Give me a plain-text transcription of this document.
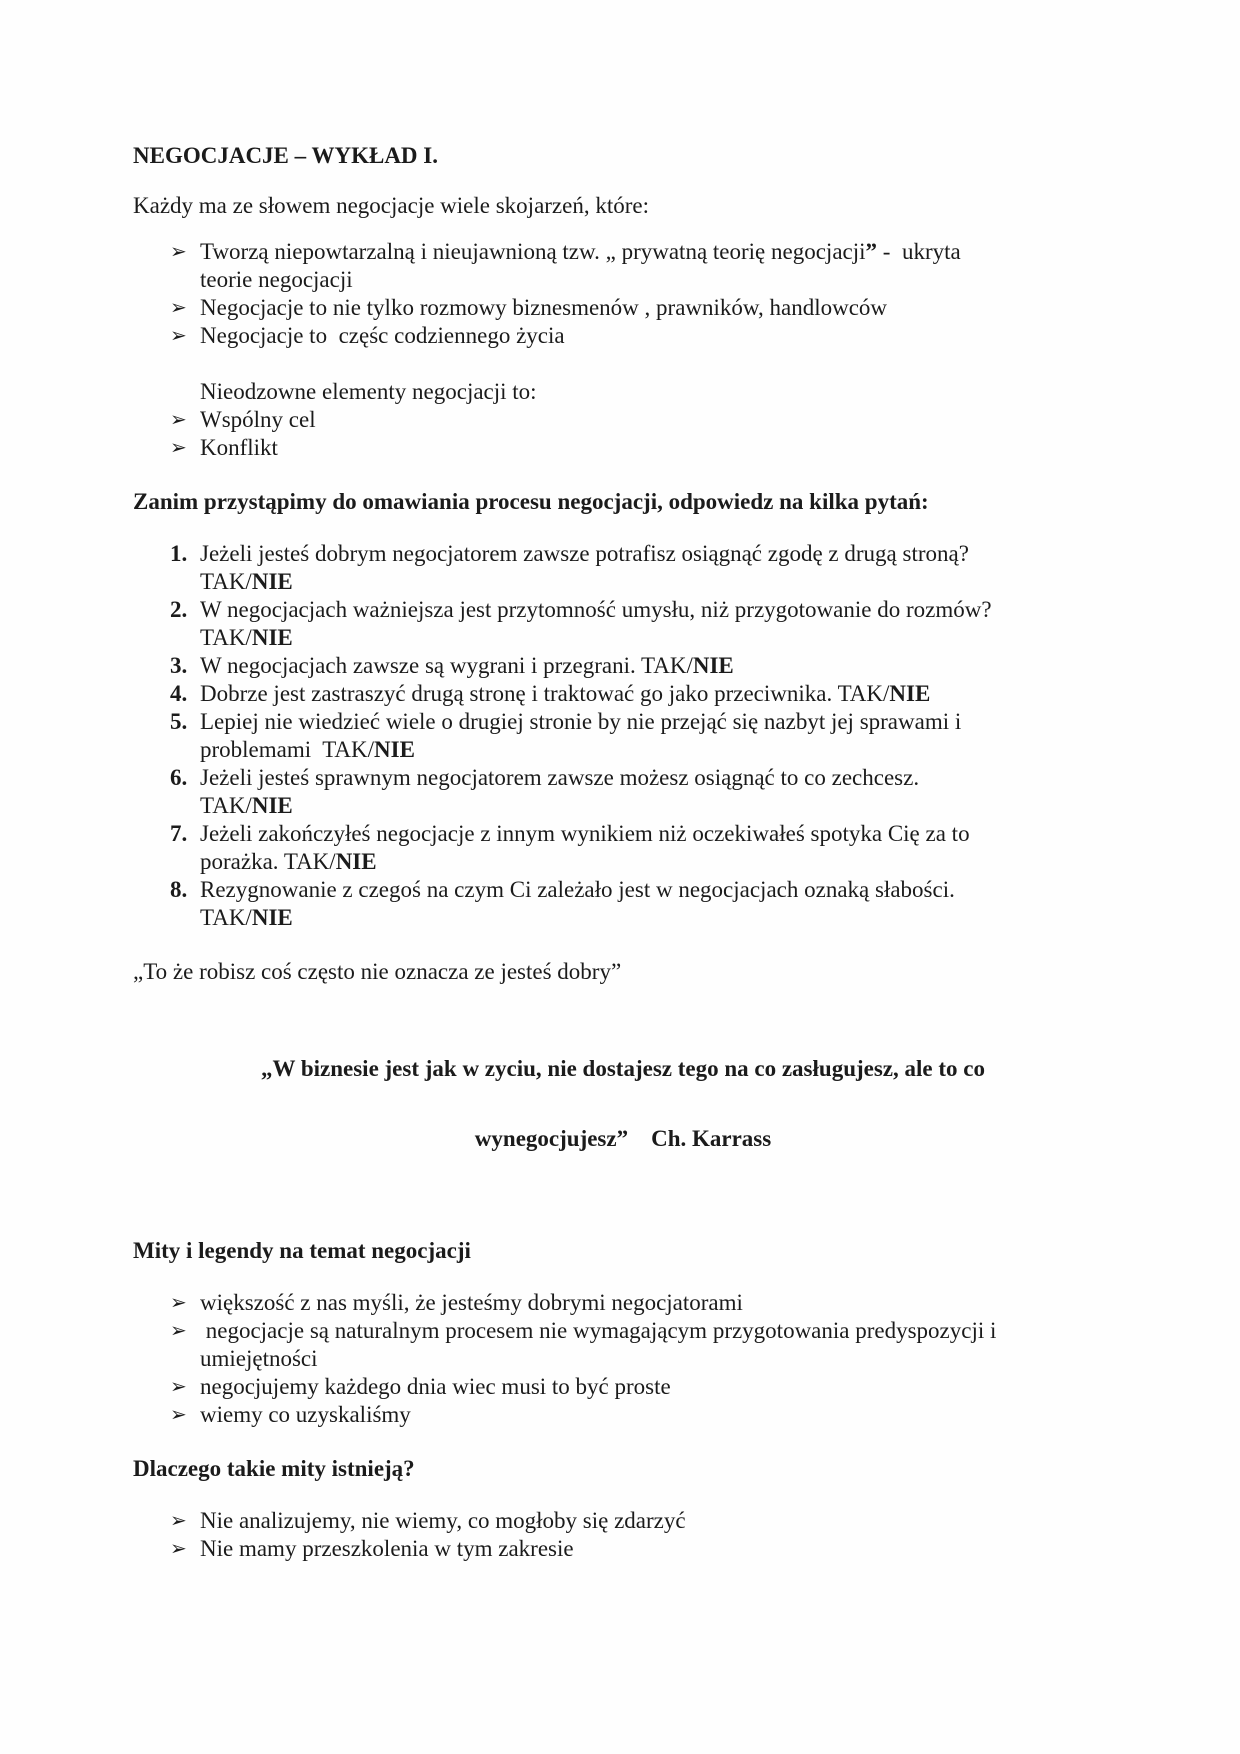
NEGOCJACJE – WYKŁAD I.
Każdy ma ze słowem negocjacje wiele skojarzeń, które:
➢ Tworzą niepowtarzalną i nieujawnioną tzw. „ prywatną teorię negocjacji” -  ukryta
teorie negocjacji
➢ Negocjacje to nie tylko rozmowy biznesmenów , prawników, handlowców
➢ Negocjacje to  częśc codziennego życia
Nieodzowne elementy negocjacji to:
➢ Wspólny cel
➢ Konflikt
Zanim przystąpimy do omawiania procesu negocjacji, odpowiedz na kilka pytań:
1. Jeżeli jesteś dobrym negocjatorem zawsze potrafisz osiągnąć zgodę z drugą stroną?
TAK/NIE
2. W negocjacjach ważniejsza jest przytomność umysłu, niż przygotowanie do rozmów?
TAK/NIE
3. W negocjacjach zawsze są wygrani i przegrani. TAK/NIE
4. Dobrze jest zastraszyć drugą stronę i traktować go jako przeciwnika. TAK/NIE
5. Lepiej nie wiedzieć wiele o drugiej stronie by nie przejąć się nazbyt jej sprawami i
problemami  TAK/NIE
6. Jeżeli jesteś sprawnym negocjatorem zawsze możesz osiągnąć to co zechcesz.
TAK/NIE
7. Jeżeli zakończyłeś negocjacje z innym wynikiem niż oczekiwałeś spotyka Cię za to
porażka. TAK/NIE
8. Rezygnowanie z czegoś na czym Ci zależało jest w negocjacjach oznaką słabości.
TAK/NIE
„To że robisz coś często nie oznacza ze jesteś dobry”

„W biznesie jest jak w zyciu, nie dostajesz tego na co zasługujesz, ale to co

wynegocjujesz”    Ch. Karrass

Mity i legendy na temat negocjacji
➢ większość z nas myśli, że jesteśmy dobrymi negocjatorami
➢ negocjacje są naturalnym procesem nie wymagającym przygotowania predyspozycji i
umiejętności
➢ negocjujemy każdego dnia wiec musi to być proste
➢ wiemy co uzyskaliśmy
Dlaczego takie mity istnieją?
➢ Nie analizujemy, nie wiemy, co mogłoby się zdarzyć
➢ Nie mamy przeszkolenia w tym zakresie
